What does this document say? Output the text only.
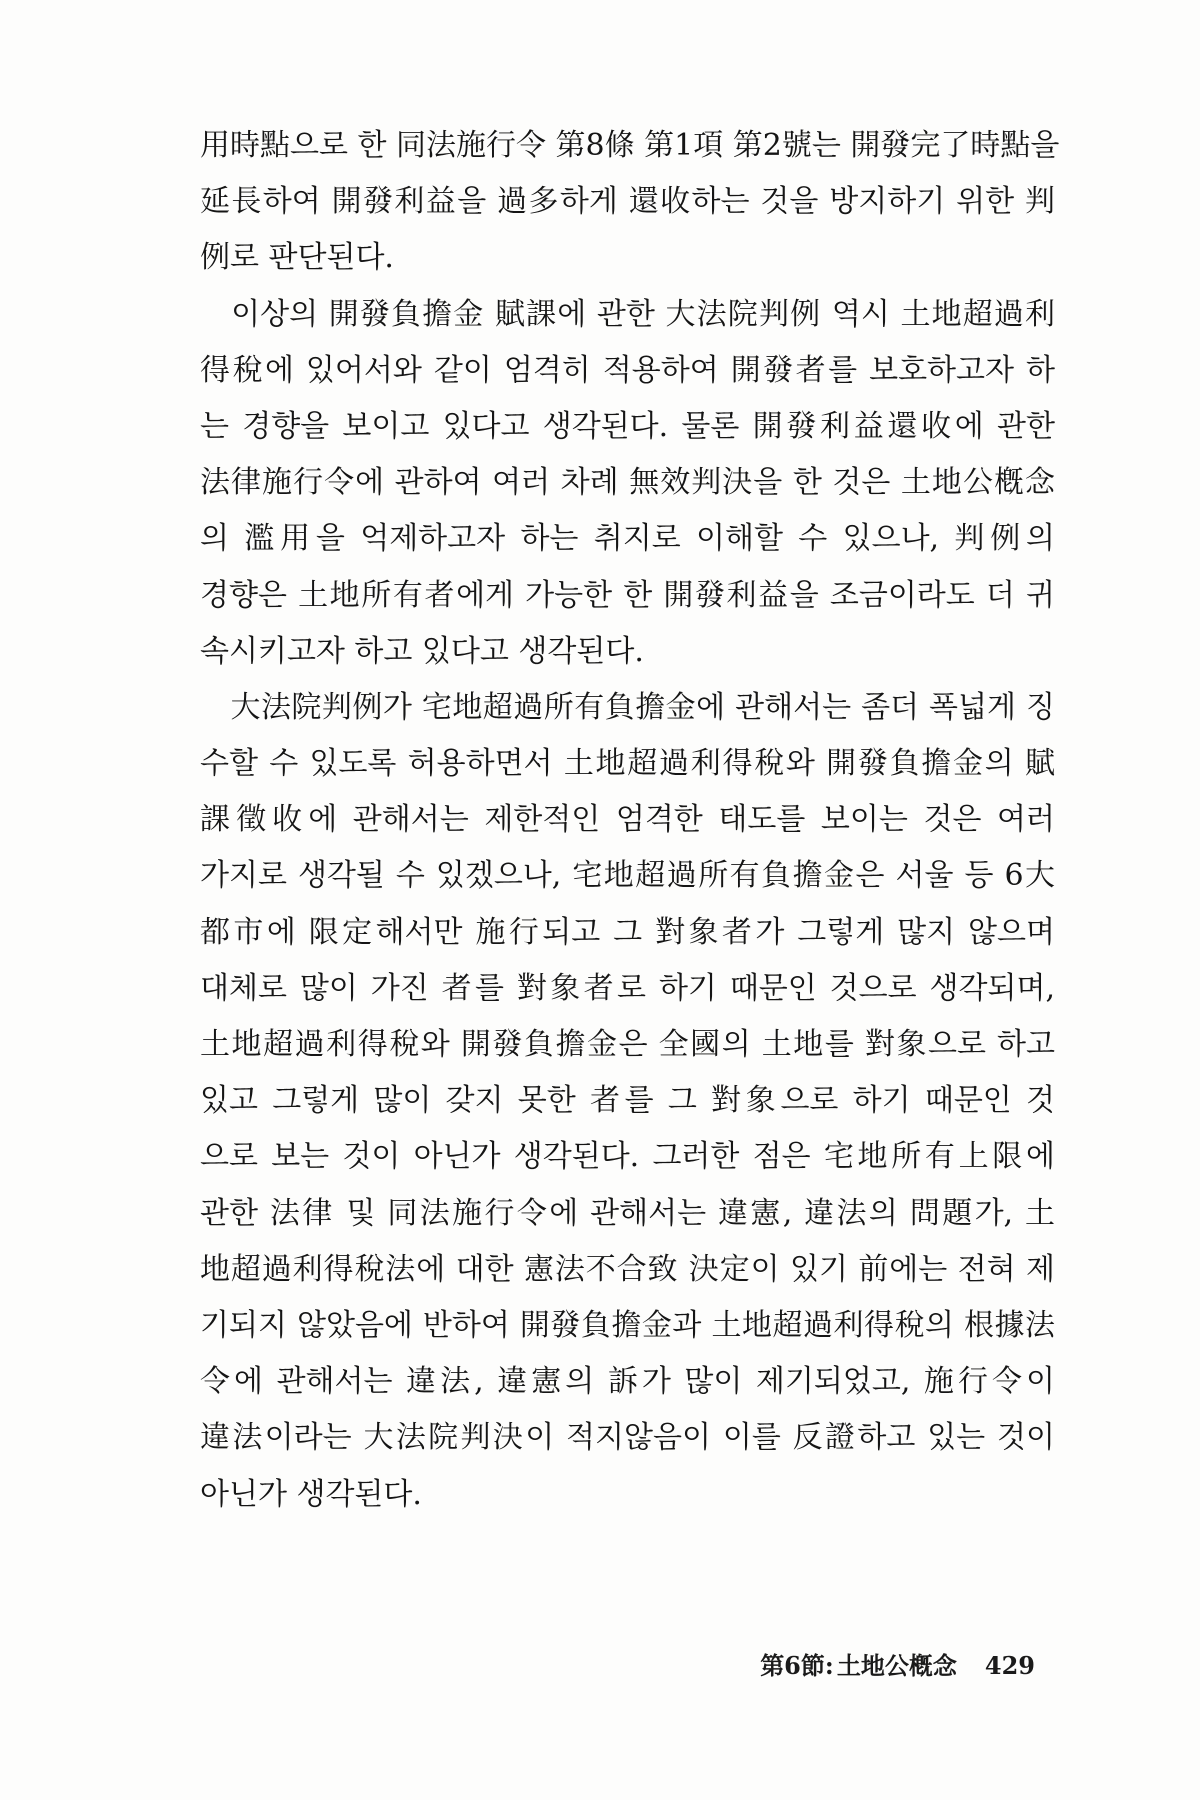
用時點으로 한 同法施行令 第8條 第1項 第2號는 開發完了時點을
延長하여 開發利益을 過多하게 還收하는 것을 방지하기 위한 判
例로 판단된다.
　이상의 開發負擔金 賦課에 관한 大法院判例 역시 土地超過利
得稅에 있어서와 같이 엄격히 적용하여 開發者를 보호하고자 하
는 경향을 보이고 있다고 생각된다. 물론 開發利益還收에 관한
法律施行令에 관하여 여러 차례 無效判決을 한 것은 土地公槪念
의 濫用을 억제하고자 하는 취지로 이해할 수 있으나, 判例의
경향은 土地所有者에게 가능한 한 開發利益을 조금이라도 더 귀
속시키고자 하고 있다고 생각된다.
　大法院判例가 宅地超過所有負擔金에 관해서는 좀더 폭넓게 징
수할 수 있도록 허용하면서 土地超過利得稅와 開發負擔金의 賦
課徵收에 관해서는 제한적인 엄격한 태도를 보이는 것은 여러
가지로 생각될 수 있겠으나, 宅地超過所有負擔金은 서울 등 6大
都市에 限定해서만 施行되고 그 對象者가 그렇게 많지 않으며
대체로 많이 가진 者를 對象者로 하기 때문인 것으로 생각되며,
土地超過利得稅와 開發負擔金은 全國의 土地를 對象으로 하고
있고 그렇게 많이 갖지 못한 者를 그 對象으로 하기 때문인 것
으로 보는 것이 아닌가 생각된다. 그러한 점은 宅地所有上限에
관한 法律 및 同法施行令에 관해서는 違憲, 違法의 問題가, 土
地超過利得稅法에 대한 憲法不合致 決定이 있기 前에는 전혀 제
기되지 않았음에 반하여 開發負擔金과 土地超過利得稅의 根據法
令에 관해서는 違法, 違憲의 訴가 많이 제기되었고, 施行令이
違法이라는 大法院判決이 적지않음이 이를 反證하고 있는 것이
아닌가 생각된다.
第6節: 土地公槪念 429
